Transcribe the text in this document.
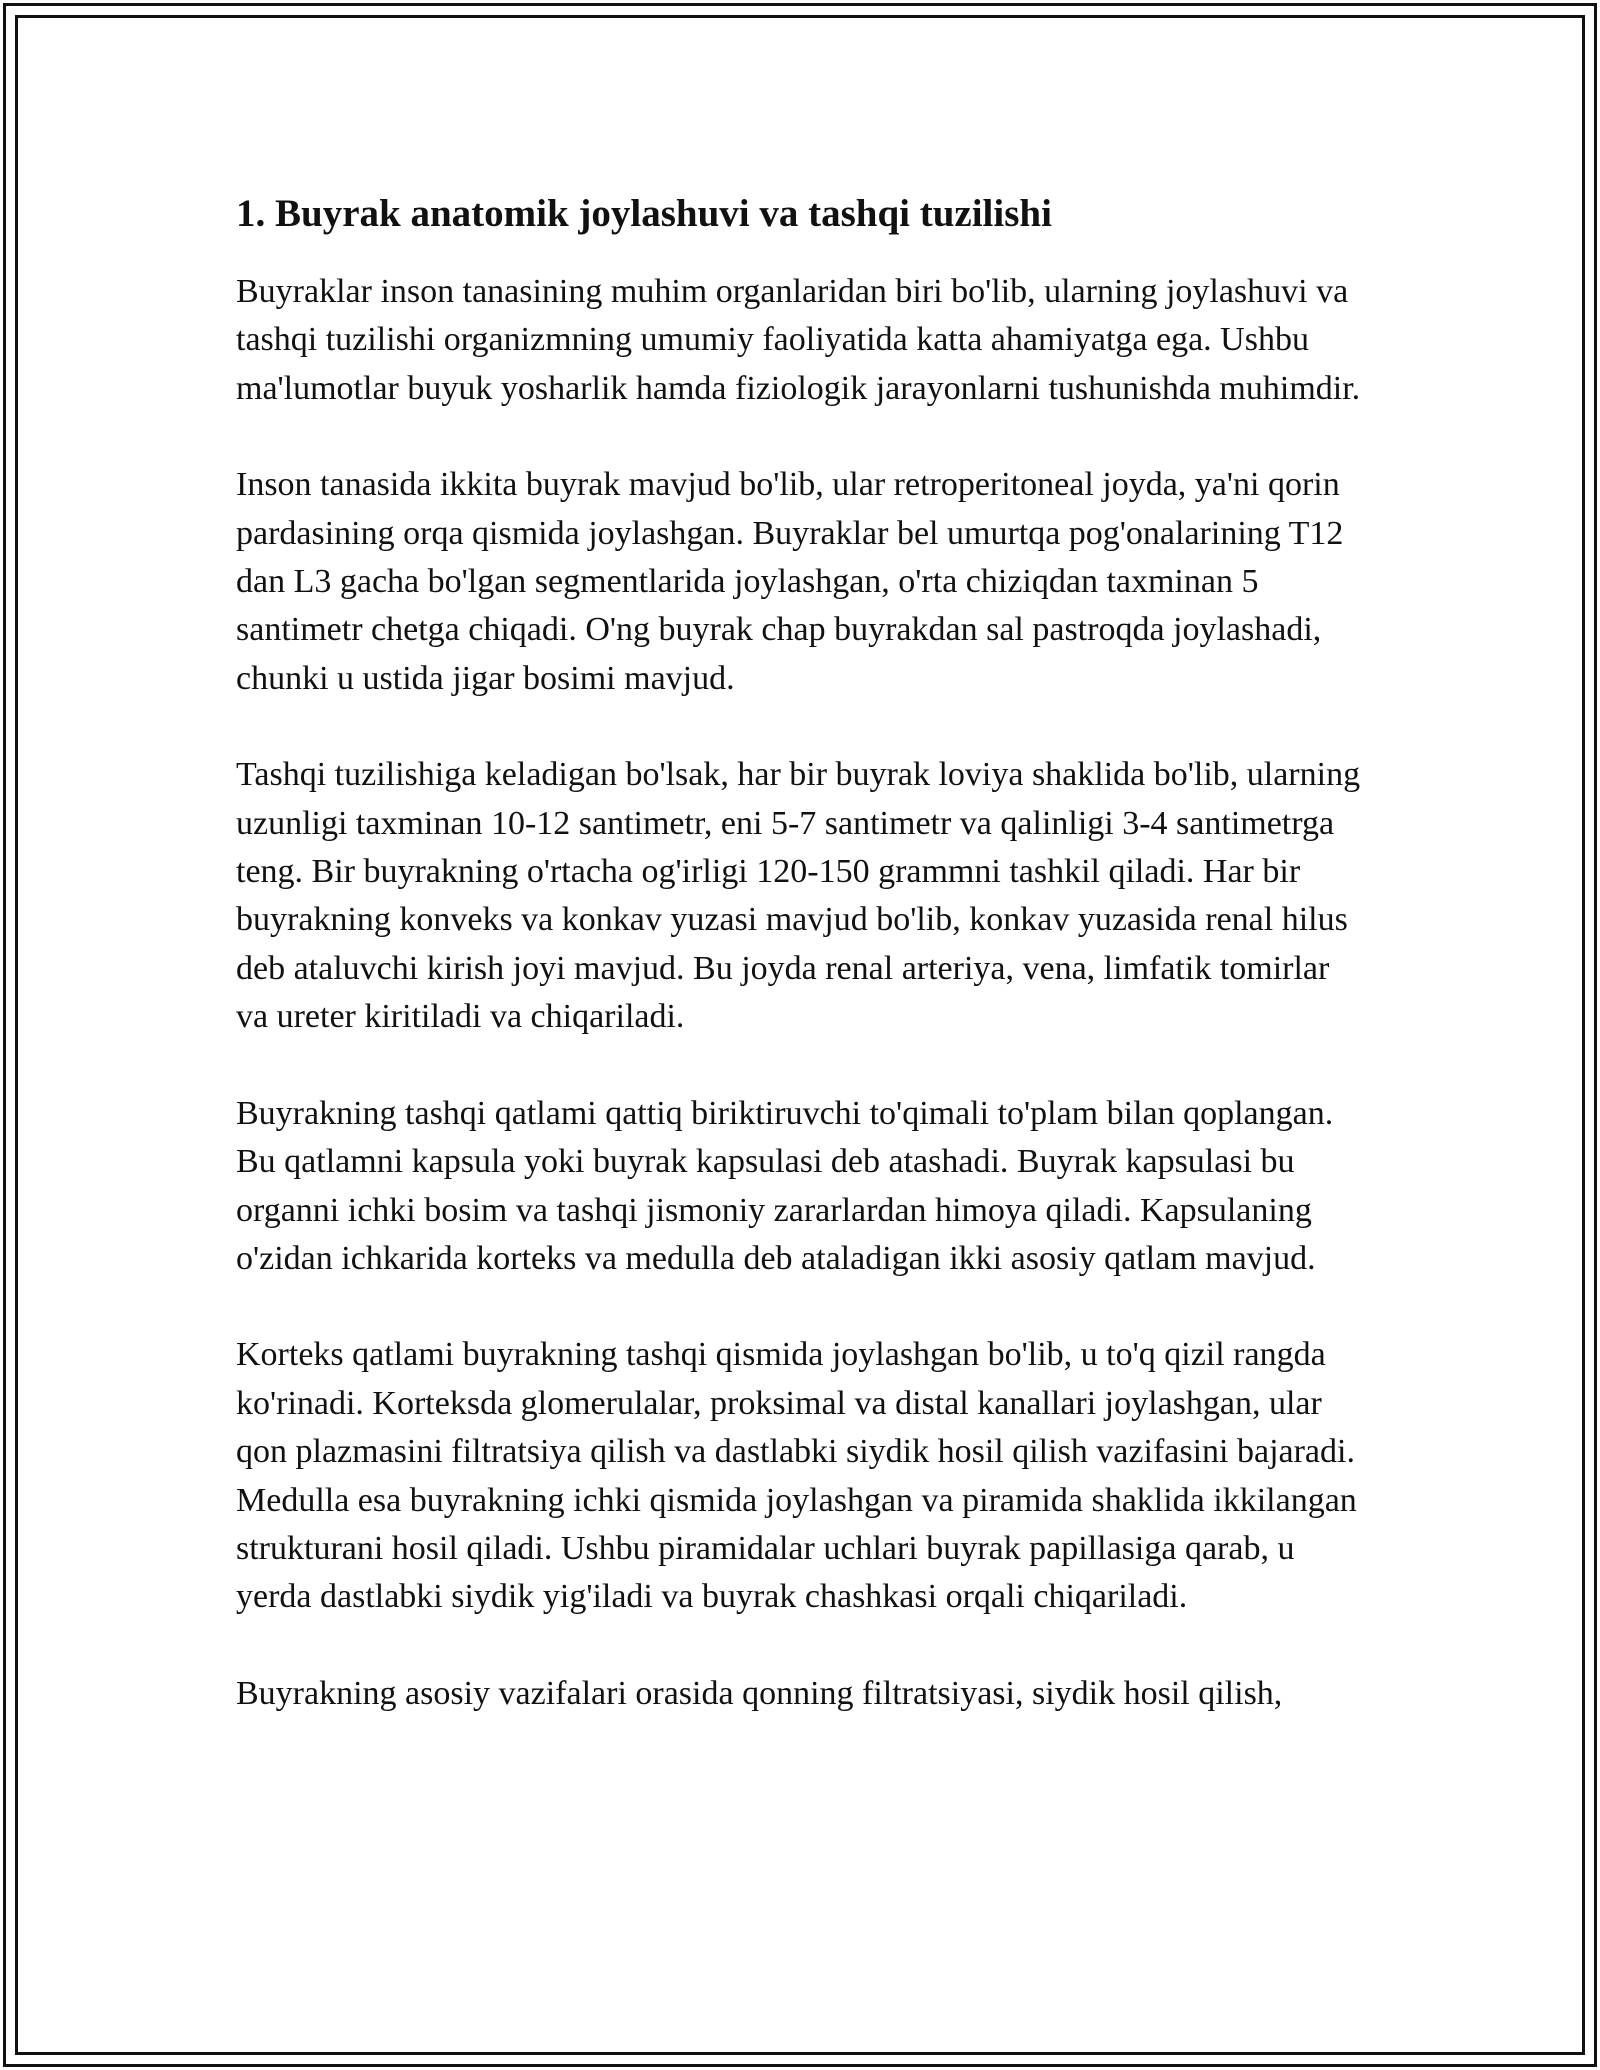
1. Buyrak anatomik joylashuvi va tashqi tuzilishi

Buyraklar inson tanasining muhim organlaridan biri bo'lib, ularning joylashuvi va tashqi tuzilishi organizmning umumiy faoliyatida katta ahamiyatga ega. Ushbu ma'lumotlar buyuk yosharlik hamda fiziologik jarayonlarni tushunishda muhimdir.

Inson tanasida ikkita buyrak mavjud bo'lib, ular retroperitoneal joyda, ya'ni qorin pardasining orqa qismida joylashgan. Buyraklar bel umurtqa pog'onalarining T12 dan L3 gacha bo'lgan segmentlarida joylashgan, o'rta chiziqdan taxminan 5 santimetr chetga chiqadi. O'ng buyrak chap buyrakdan sal pastroqda joylashadi, chunki u ustida jigar bosimi mavjud.

Tashqi tuzilishiga keladigan bo'lsak, har bir buyrak loviya shaklida bo'lib, ularning uzunligi taxminan 10-12 santimetr, eni 5-7 santimetr va qalinligi 3-4 santimetrga teng. Bir buyrakning o'rtacha og'irligi 120-150 grammni tashkil qiladi. Har bir buyrakning konveks va konkav yuzasi mavjud bo'lib, konkav yuzasida renal hilus deb ataluvchi kirish joyi mavjud. Bu joyda renal arteriya, vena, limfatik tomirlar va ureter kiritiladi va chiqariladi.

Buyrakning tashqi qatlami qattiq biriktiruvchi to'qimali to'plam bilan qoplangan. Bu qatlamni kapsula yoki buyrak kapsulasi deb atashadi. Buyrak kapsulasi bu organni ichki bosim va tashqi jismoniy zararlardan himoya qiladi. Kapsulaning o'zidan ichkarida korteks va medulla deb ataladigan ikki asosiy qatlam mavjud.

Korteks qatlami buyrakning tashqi qismida joylashgan bo'lib, u to'q qizil rangda ko'rinadi. Korteksda glomerulalar, proksimal va distal kanallari joylashgan, ular qon plazmasini filtratsiya qilish va dastlabki siydik hosil qilish vazifasini bajaradi. Medulla esa buyrakning ichki qismida joylashgan va piramida shaklida ikkilangan strukturani hosil qiladi. Ushbu piramidalar uchlari buyrak papillasiga qarab, u yerda dastlabki siydik yig'iladi va buyrak chashkasi orqali chiqariladi.

Buyrakning asosiy vazifalari orasida qonning filtratsiyasi, siydik hosil qilish,
